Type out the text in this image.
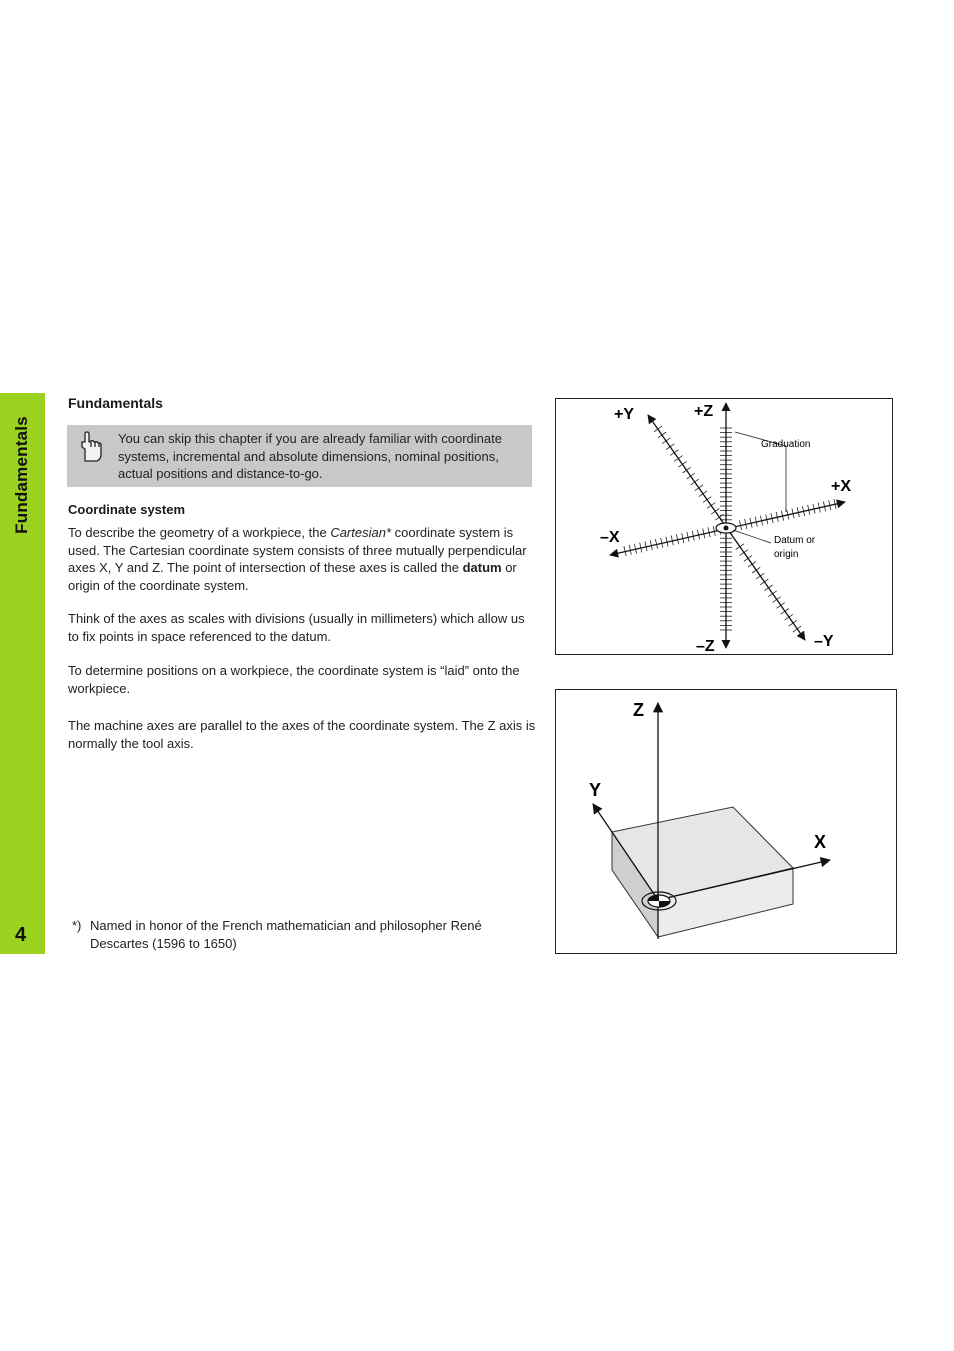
Fundamentals
4
Fundamentals
You can skip this chapter if you are already familiar with coordinate systems, incremental and absolute dimensions, nominal positions, actual positions and distance-to-go.
Coordinate system
To describe the geometry of a workpiece, the Cartesian* coordinate system is used. The Cartesian coordinate system consists of three mutually perpendicular axes X, Y and Z. The point of intersection of these axes is called the datum or origin of the coordinate system.
Think of the axes as scales with divisions (usually in millimeters) which allow us to fix points in space referenced to the datum.
To determine positions on a workpiece, the coordinate system is “laid” onto the workpiece.
The machine axes are parallel to the axes of the coordinate system. The Z axis is normally the tool axis.
*) Named in honor of the French mathematician and philosopher René Descartes (1596 to 1650)
+Y	+Z
+X
–X
–Z	–Y
Graduation
Datum or
origin
Z
Y
X
